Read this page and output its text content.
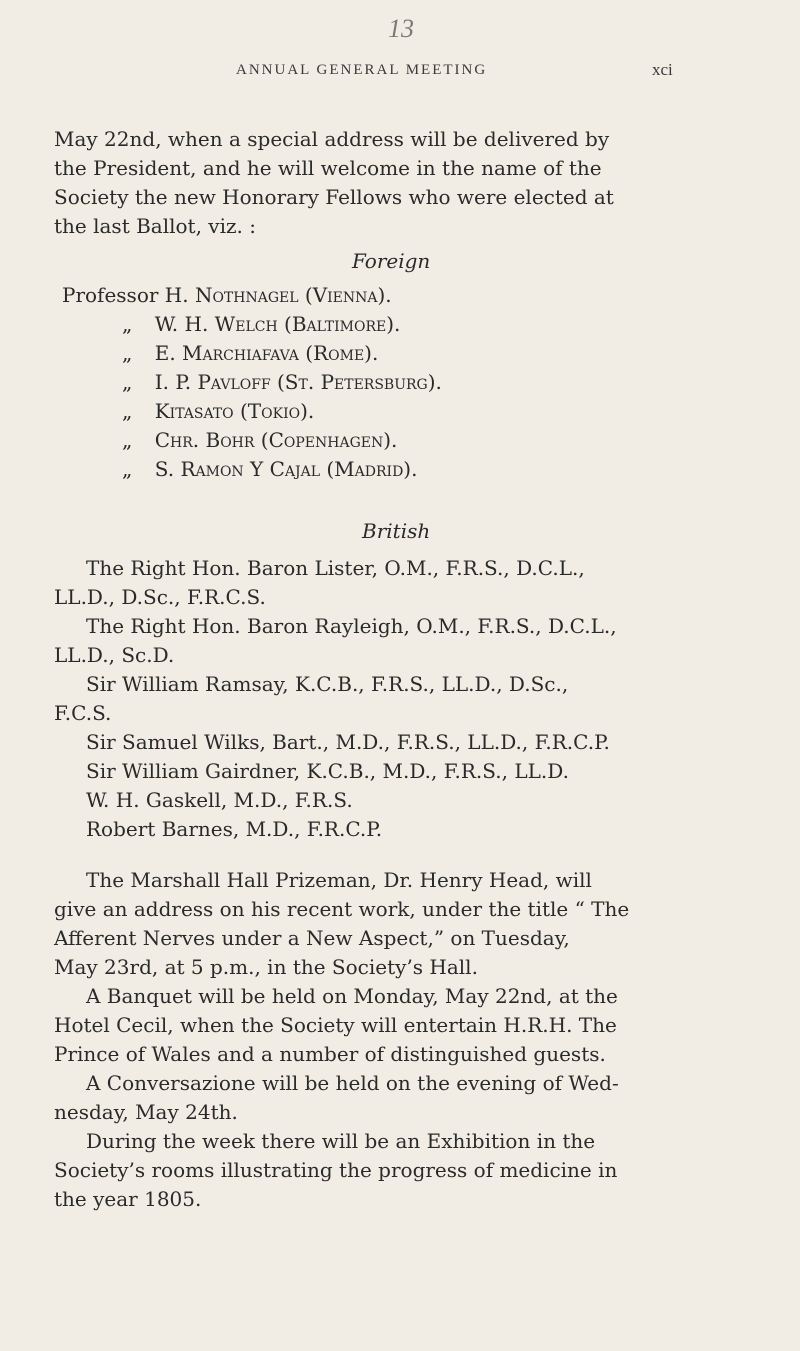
13
ANNUAL GENERAL MEETING	xci
May 22nd, when a special address will be delivered by
the President, and he will welcome in the name of the
Society the new Honorary Fellows who were elected at
the last Ballot, viz. :
Foreign
Professor H. Nothnagel (Vienna).
„ W. H. Welch (Baltimore).
„ E. Marchiafava (Rome).
„ I. P. Pavloff (St. Petersburg).
„ Kitasato (Tokio).
„ Chr. Bohr (Copenhagen).
„ S. Ramon Y Cajal (Madrid).
British
The Right Hon. Baron Lister, O.M., F.R.S., D.C.L.,
LL.D., D.Sc., F.R.C.S.
The Right Hon. Baron Rayleigh, O.M., F.R.S., D.C.L.,
LL.D., Sc.D.
Sir William Ramsay, K.C.B., F.R.S., LL.D., D.Sc.,
F.C.S.
Sir Samuel Wilks, Bart., M.D., F.R.S., LL.D., F.R.C.P.
Sir William Gairdner, K.C.B., M.D., F.R.S., LL.D.
W. H. Gaskell, M.D., F.R.S.
Robert Barnes, M.D., F.R.C.P.
The Marshall Hall Prizeman, Dr. Henry Head, will
give an address on his recent work, under the title “ The
Afferent Nerves under a New Aspect,” on Tuesday,
May 23rd, at 5 p.m., in the Society’s Hall.
A Banquet will be held on Monday, May 22nd, at the
Hotel Cecil, when the Society will entertain H.R.H. The
Prince of Wales and a number of distinguished guests.
A Conversazione will be held on the evening of Wed-
nesday, May 24th.
During the week there will be an Exhibition in the
Society’s rooms illustrating the progress of medicine in
the year 1805.
